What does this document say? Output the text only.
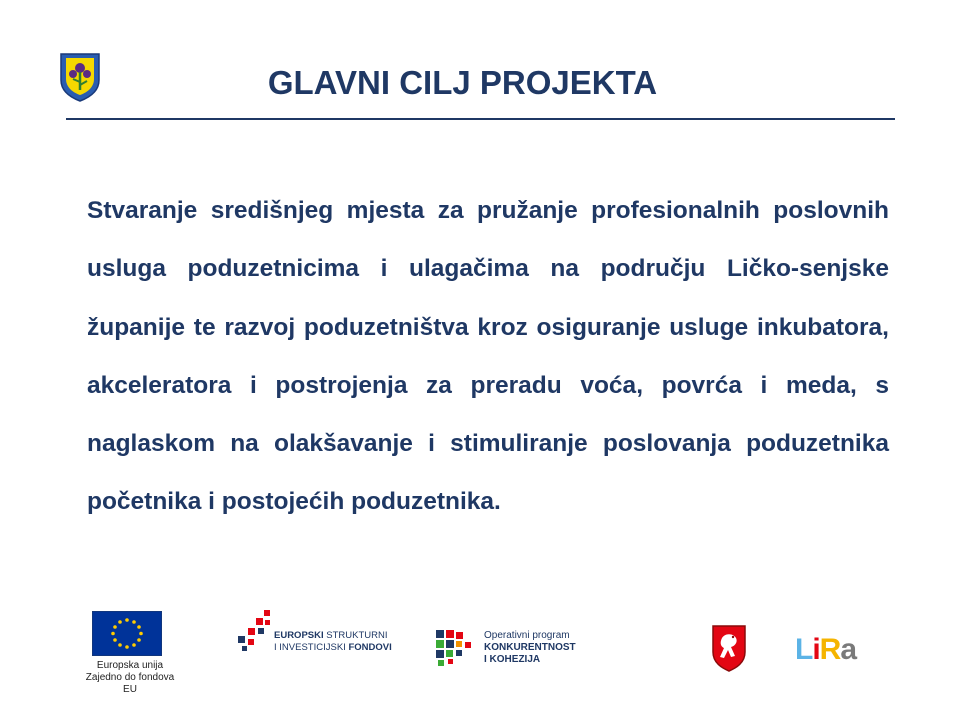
GLAVNI CILJ PROJEKTA
Stvaranje središnjeg mjesta za pružanje profesionalnih poslovnih usluga poduzetnicima i ulagačima na području Ličko-senjske županije te razvoj poduzetništva kroz osiguranje usluge inkubatora, akceleratora i postrojenja za preradu voća, povrća i meda, s naglaskom na olakšavanje i stimuliranje poslovanja poduzetnika početnika i postojećih poduzetnika.
Europska unija
Zajedno do fondova EU
EUROPSKI STRUKTURNI
I INVESTICIJSKI FONDOVI
Operativni program
KONKURENTNOST
I KOHEZIJA	LiRa
